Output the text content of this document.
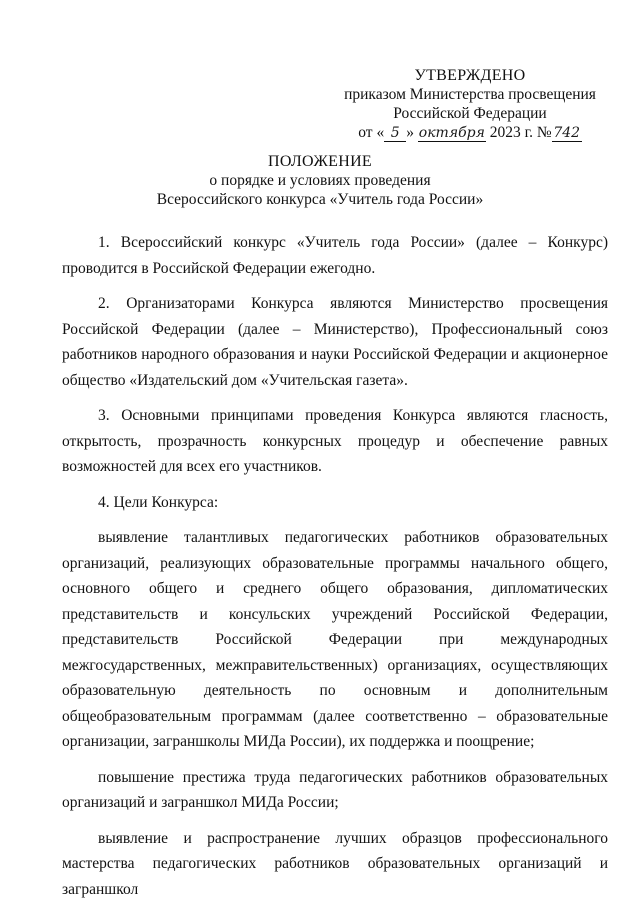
УТВЕРЖДЕНО
приказом Министерства просвещения
Российской Федерации
от « 5 » октября 2023 г. № 742
ПОЛОЖЕНИЕ
о порядке и условиях проведения
Всероссийского конкурса «Учитель года России»

1. Всероссийский конкурс «Учитель года России» (далее – Конкурс) проводится в Российской Федерации ежегодно.

2. Организаторами Конкурса являются Министерство просвещения Российской Федерации (далее – Министерство), Профессиональный союз работников народного образования и науки Российской Федерации и акционерное общество «Издательский дом «Учительская газета».

3. Основными принципами проведения Конкурса являются гласность, открытость, прозрачность конкурсных процедур и обеспечение равных возможностей для всех его участников.

4. Цели Конкурса:

выявление талантливых педагогических работников образовательных организаций, реализующих образовательные программы начального общего, основного общего и среднего общего образования, дипломатических представительств и консульских учреждений Российской Федерации, представительств Российской Федерации при международных межгосударственных, межправительственных) организациях, осуществляющих образовательную деятельность по основным и дополнительным общеобразовательным программам (далее соответственно – образовательные организации, заграншколы МИДа России), их поддержка и поощрение;

повышение престижа труда педагогических работников образовательных организаций и заграншкол МИДа России;

выявление и распространение лучших образцов профессионального мастерства педагогических работников образовательных организаций и заграншкол
